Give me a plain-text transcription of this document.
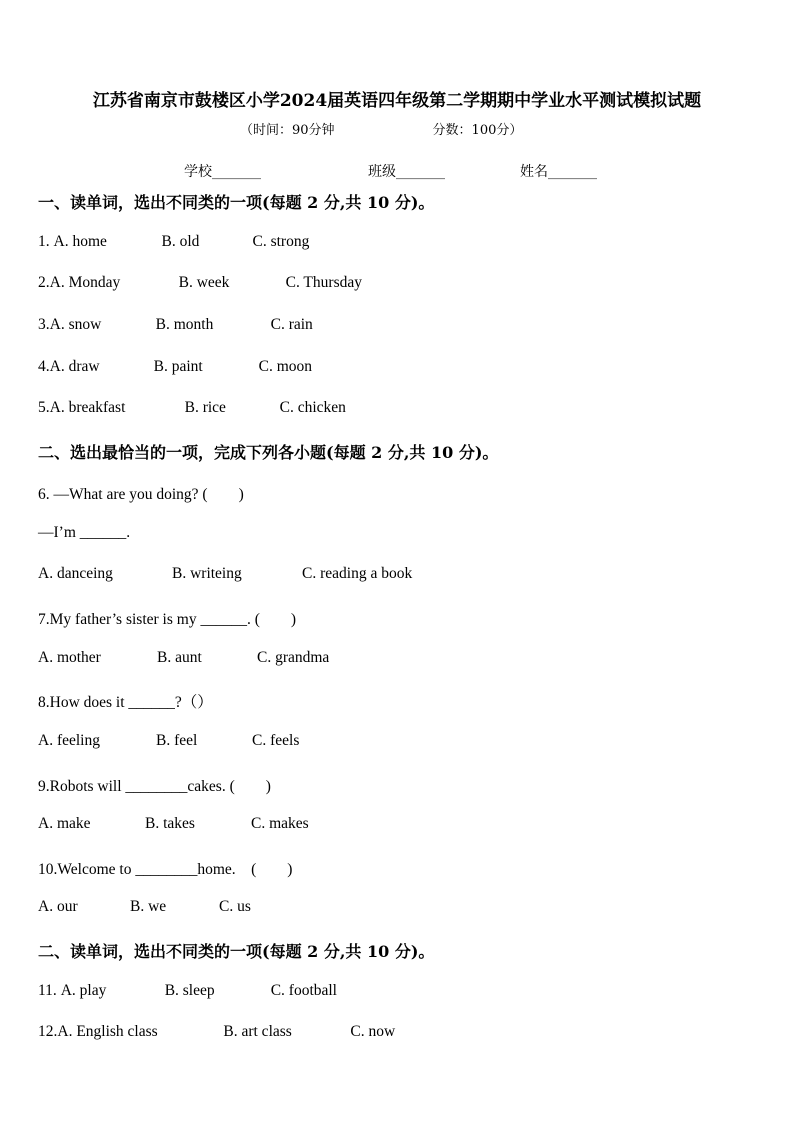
江苏省南京市鼓楼区小学2024届英语四年级第二学期期中学业水平测试模拟试题
（时间：90分钟	分数：100分）
学校_______	班级_______	姓名_______
一、读单词，选出不同类的一项(每题 2 分,共 10 分)。
1. A. home	B. old	C. strong
2.A. Monday	B. week	C. Thursday
3.A. snow	B. month	C. rain
4.A. draw	B. paint	C. moon
5.A. breakfast	B. rice	C. chicken
二、选出最恰当的一项，完成下列各小题(每题 2 分,共 10 分)。
6. —What are you doing? (　　)
—I’m ______.
A. danceing	B. writeing	C. reading a book
7.My father’s sister is my ______. (　　)
A. mother	B. aunt	C. grandma
8.How does it ______?（）
A. feeling	B. feel	C. feels
9.Robots will ________cakes. (　　)
A. make	B. takes	C. makes
10.Welcome to ________home.　(　　)
A. our	B. we	C. us
二、读单词，选出不同类的一项(每题 2 分,共 10 分)。
11. A. play	B. sleep	C. football
12.A. English class	B. art class	C. now
